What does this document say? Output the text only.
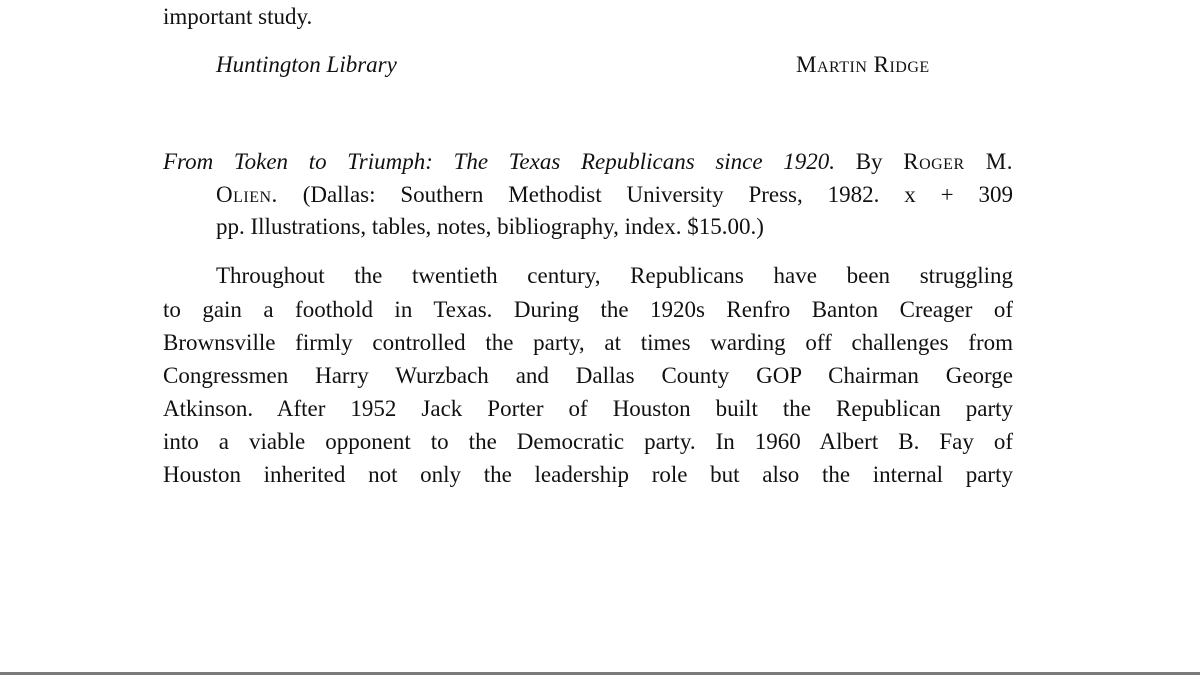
important study.
Huntington Library	Martin Ridge
From Token to Triumph: The Texas Republicans since 1920. By Roger M.
Olien. (Dallas: Southern Methodist University Press, 1982. x + 309
pp. Illustrations, tables, notes, bibliography, index. $15.00.)
Throughout the twentieth century, Republicans have been struggling
to gain a foothold in Texas. During the 1920s Renfro Banton Creager of
Brownsville firmly controlled the party, at times warding off challenges from
Congressmen Harry Wurzbach and Dallas County GOP Chairman George
Atkinson. After 1952 Jack Porter of Houston built the Republican party
into a viable opponent to the Democratic party. In 1960 Albert B. Fay of
Houston inherited not only the leadership role but also the internal party
